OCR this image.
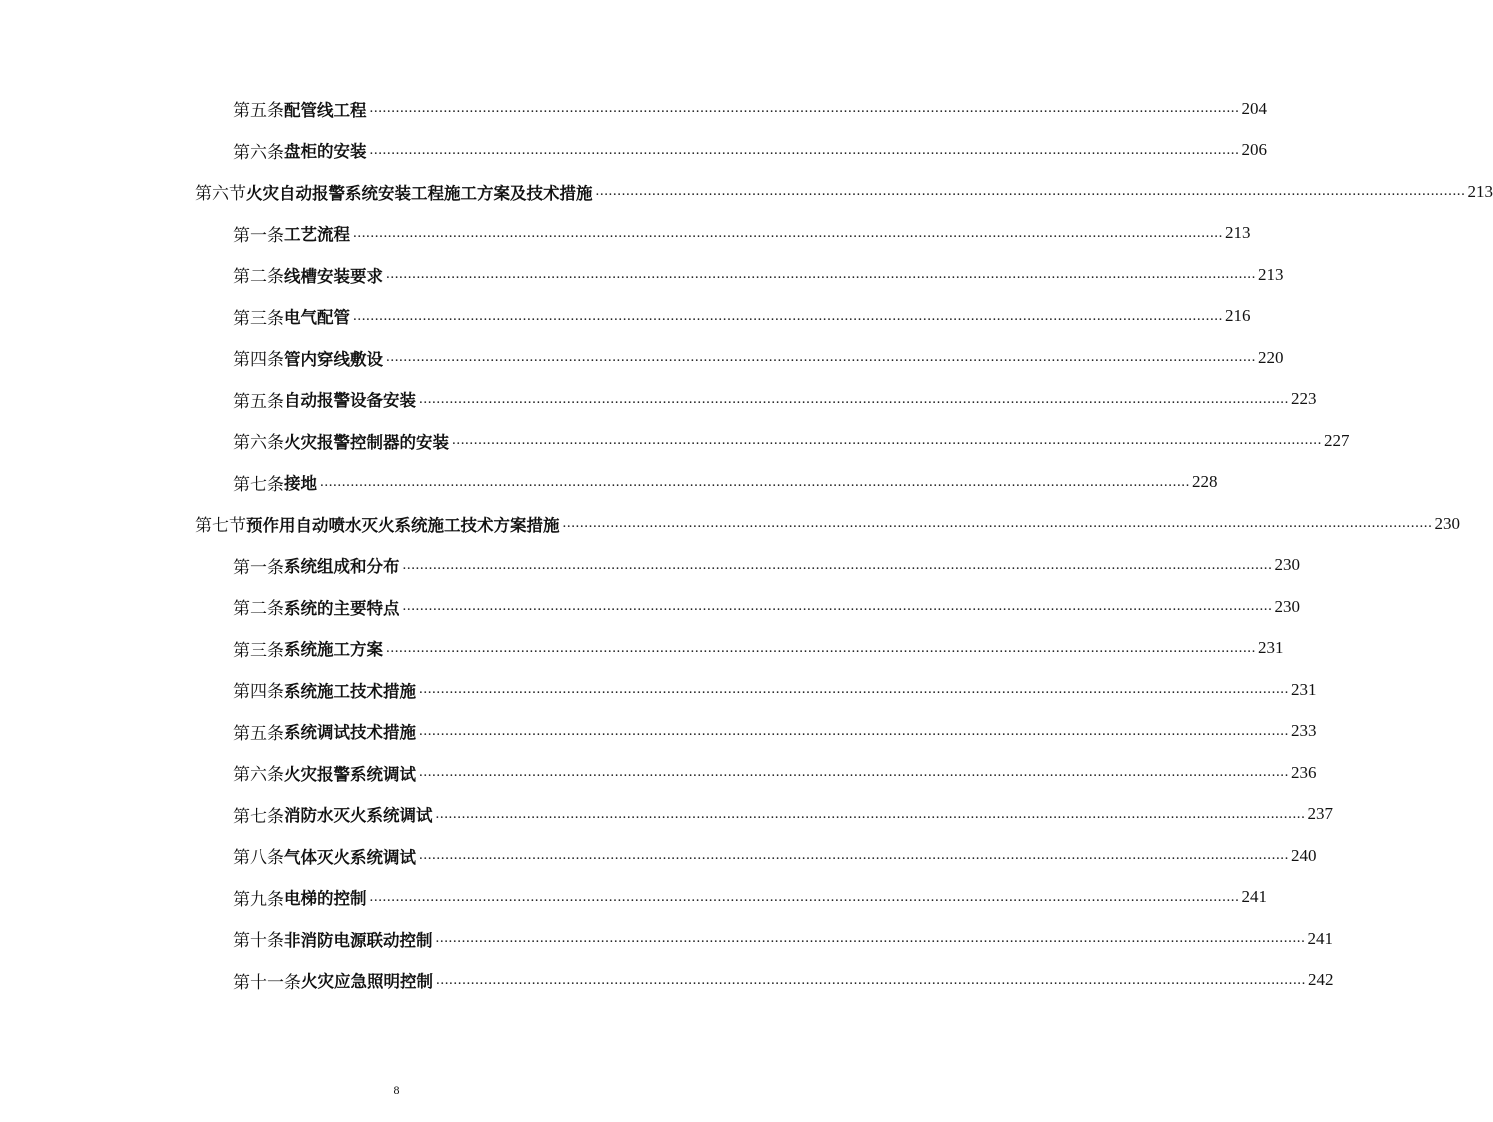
第五条 配管线工程 ........................................................................................................................................................................................................ 204
第六条 盘柜的安装 ........................................................................................................................................................................................................ 206
第六节 火灾自动报警系统安装工程施工方案及技术措施 ........................................................................................................................................................................................................ 213
第一条 工艺流程 ........................................................................................................................................................................................................ 213
第二条 线槽安装要求 ........................................................................................................................................................................................................ 213
第三条 电气配管 ........................................................................................................................................................................................................ 216
第四条 管内穿线敷设 ........................................................................................................................................................................................................ 220
第五条 自动报警设备安装 ........................................................................................................................................................................................................ 223
第六条 火灾报警控制器的安装 ........................................................................................................................................................................................................ 227
第七条 接地 ........................................................................................................................................................................................................ 228
第七节 预作用自动喷水灭火系统施工技术方案措施 ........................................................................................................................................................................................................ 230
第一条 系统组成和分布 ........................................................................................................................................................................................................ 230
第二条 系统的主要特点 ........................................................................................................................................................................................................ 230
第三条 系统施工方案 ........................................................................................................................................................................................................ 231
第四条 系统施工技术措施 ........................................................................................................................................................................................................ 231
第五条 系统调试技术措施 ........................................................................................................................................................................................................ 233
第六条 火灾报警系统调试 ........................................................................................................................................................................................................ 236
第七条 消防水灭火系统调试 ........................................................................................................................................................................................................ 237
第八条 气体灭火系统调试 ........................................................................................................................................................................................................ 240
第九条 电梯的控制 ........................................................................................................................................................................................................ 241
第十条 非消防电源联动控制 ........................................................................................................................................................................................................ 241
第十一条 火灾应急照明控制 ........................................................................................................................................................................................................ 242
8
